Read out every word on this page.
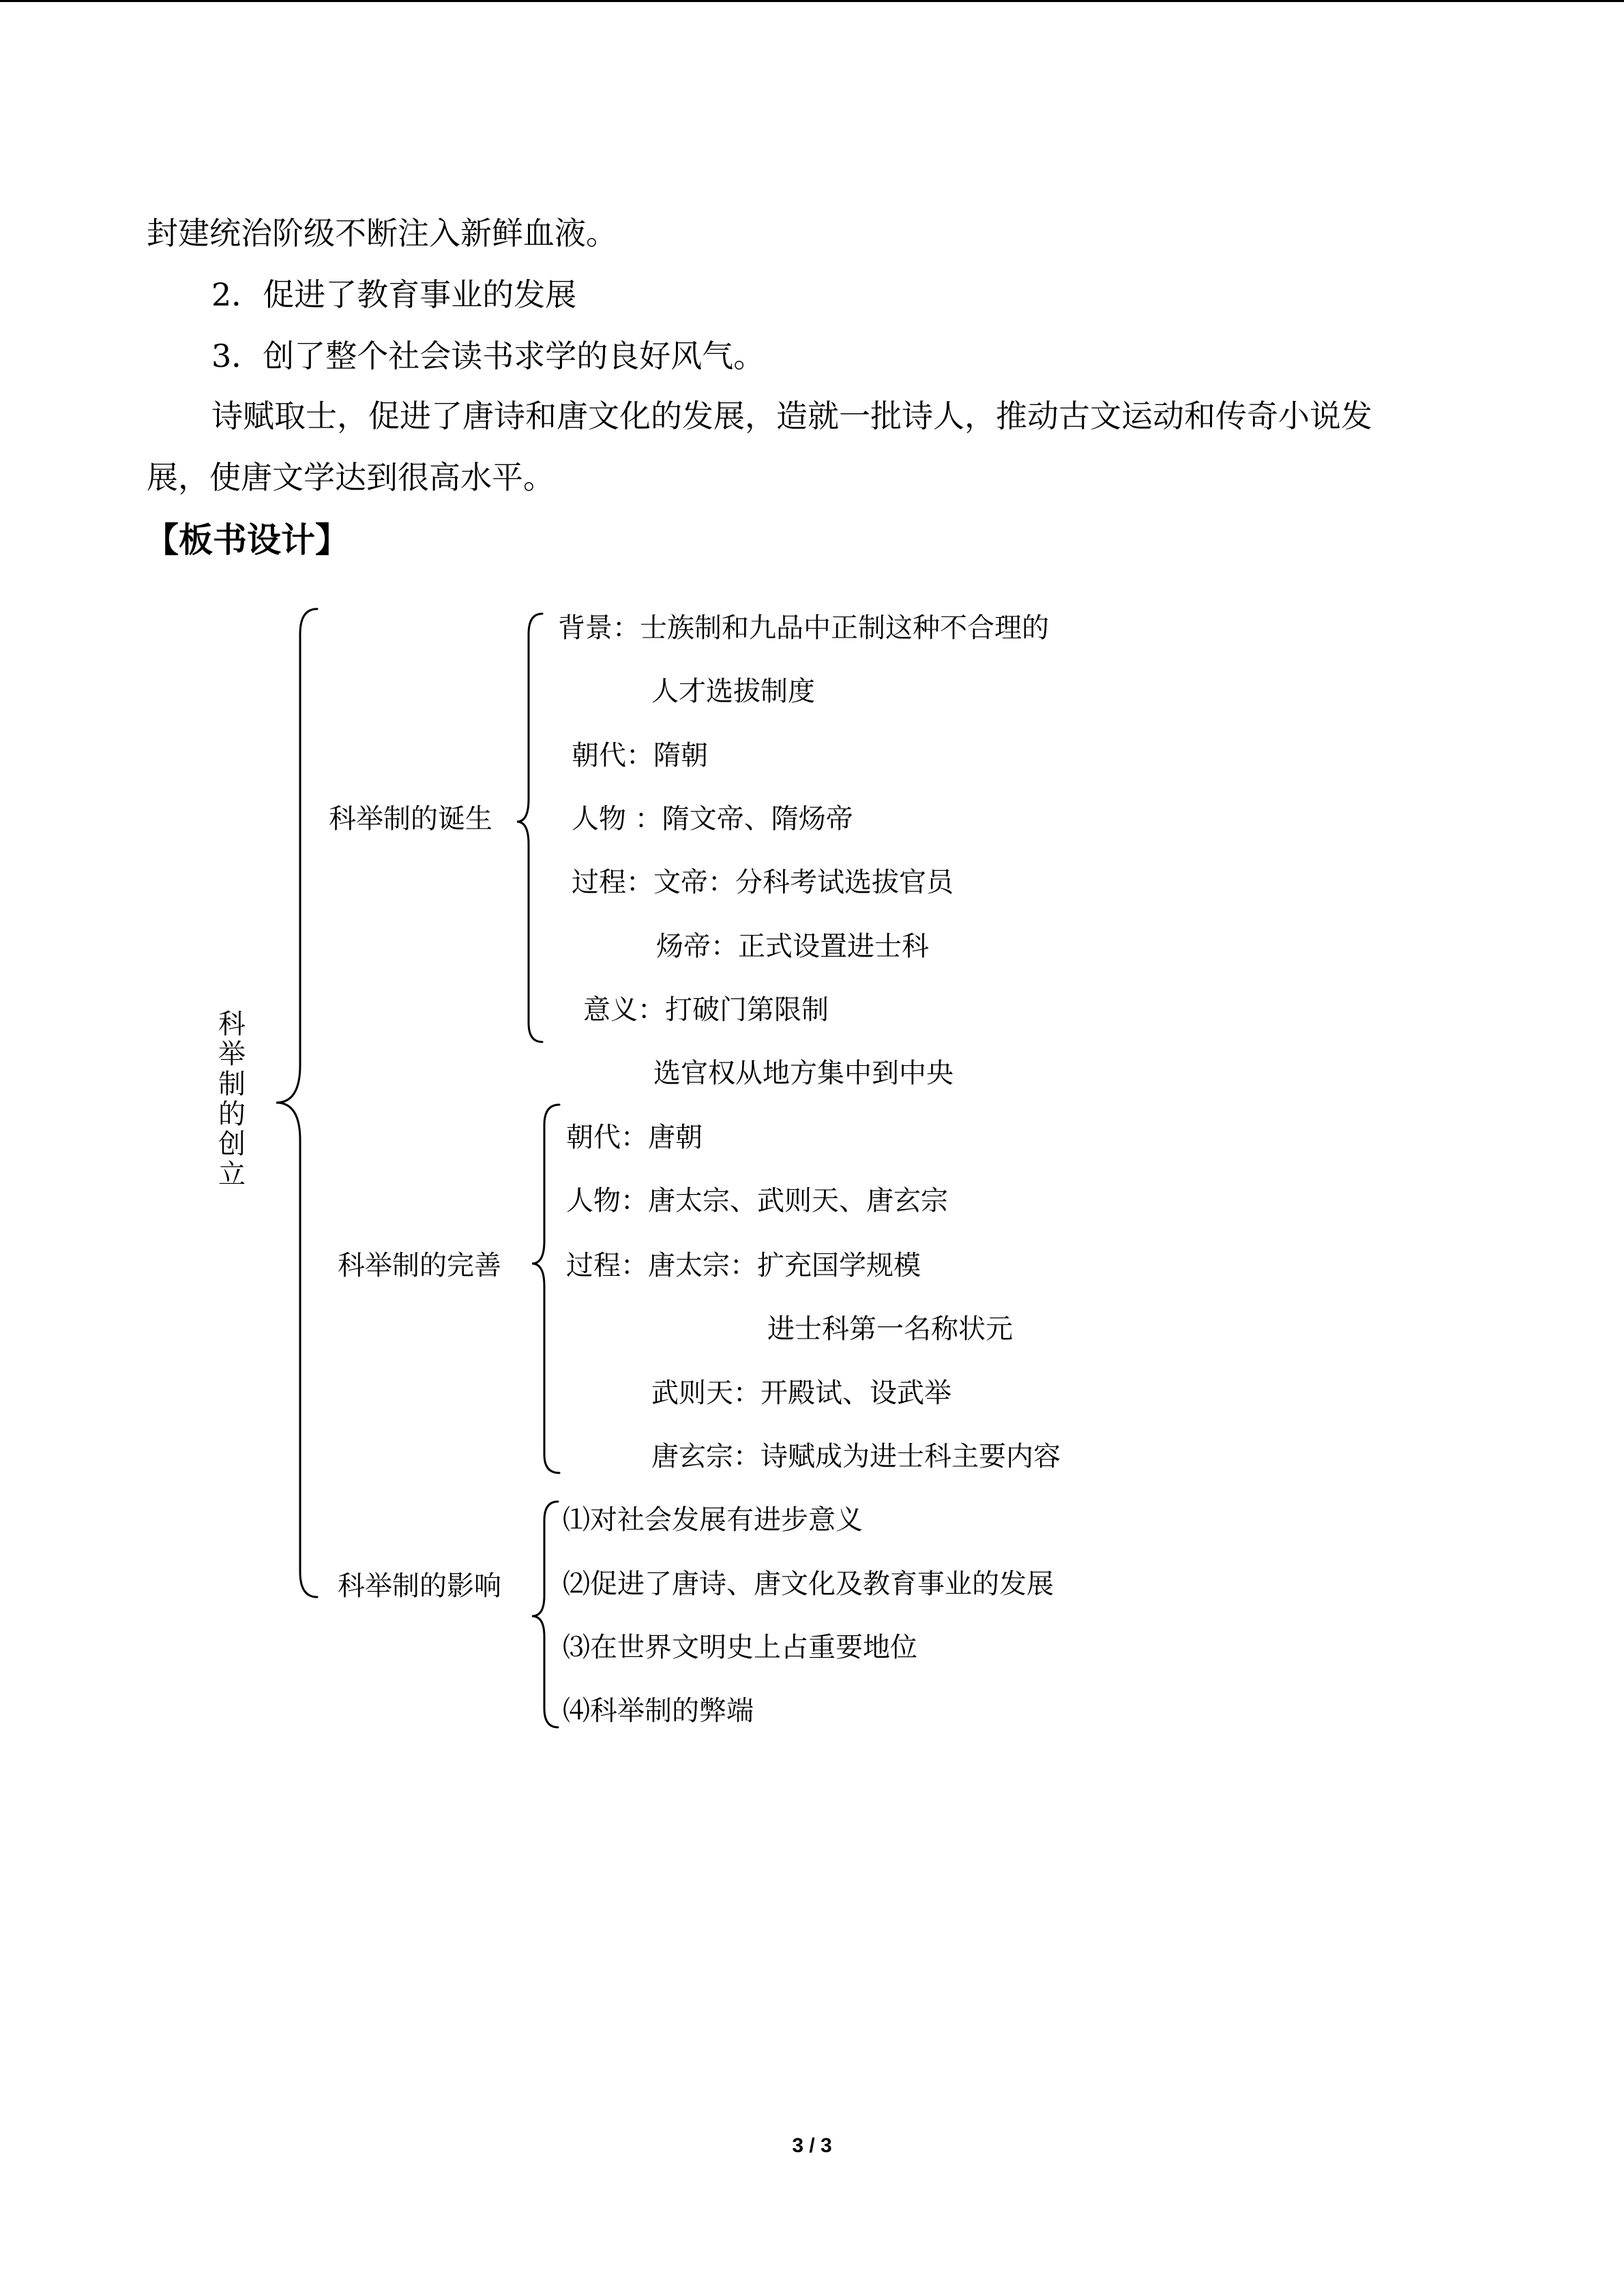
封建统治阶级不断注入新鲜血液。
2．促进了教育事业的发展
3．创了整个社会读书求学的良好风气。
诗赋取士，促进了唐诗和唐文化的发展，造就一批诗人，推动古文运动和传奇小说发
展，使唐文学达到很高水平。
【板书设计】
科举制的创立
科举制的诞生
背景：士族制和九品中正制这种不合理的
人才选拔制度
朝代：隋朝
人物 ：隋文帝、隋炀帝
过程：文帝：分科考试选拔官员
炀帝：正式设置进士科
意义：打破门第限制
选官权从地方集中到中央
科举制的完善
朝代：唐朝
人物：唐太宗、武则天、唐玄宗
过程：唐太宗：扩充国学规模
进士科第一名称状元
武则天：开殿试、设武举
唐玄宗：诗赋成为进士科主要内容
科举制的影响
⑴对社会发展有进步意义
⑵促进了唐诗、唐文化及教育事业的发展
⑶在世界文明史上占重要地位
⑷科举制的弊端
3 / 3
